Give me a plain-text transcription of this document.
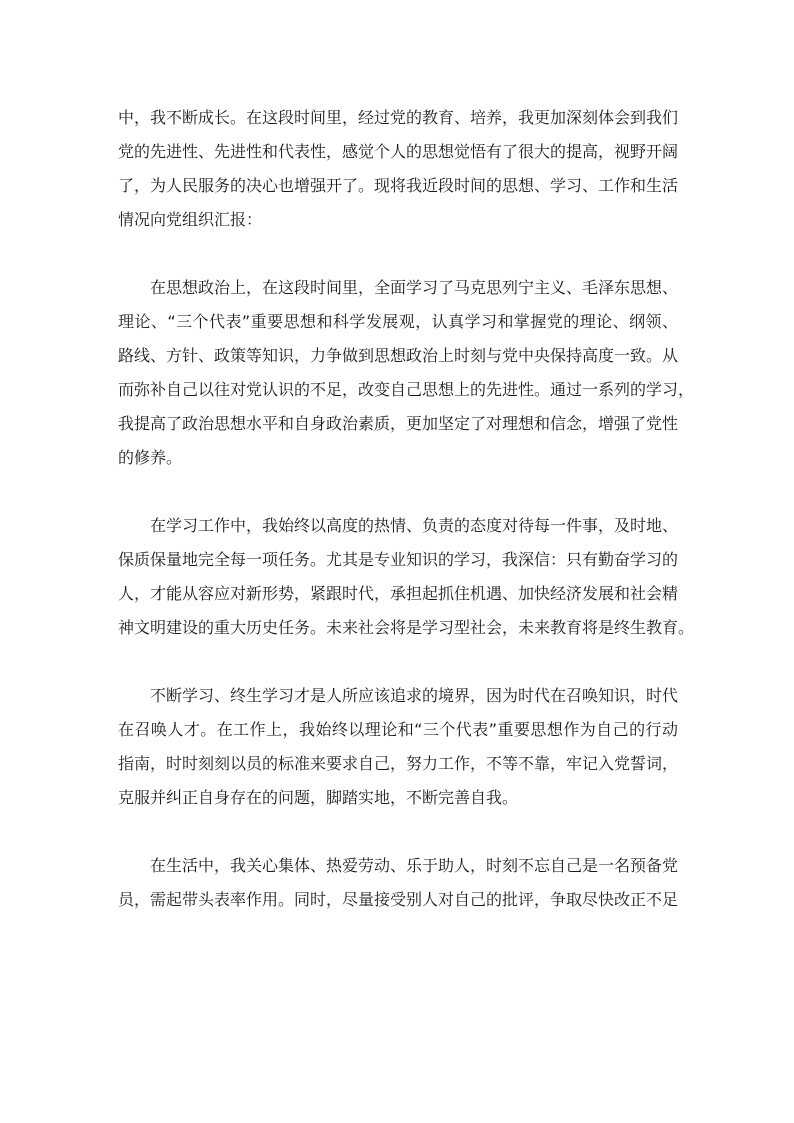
中，我不断成长。在这段时间里，经过党的教育、培养，我更加深刻体会到我们
党的先进性、先进性和代表性，感觉个人的思想觉悟有了很大的提高，视野开阔
了，为人民服务的决心也增强开了。现将我近段时间的思想、学习、工作和生活
情况向党组织汇报：

　　在思想政治上，在这段时间里，全面学习了马克思列宁主义、毛泽东思想、
理论、“三个代表”重要思想和科学发展观，认真学习和掌握党的理论、纲领、
路线、方针、政策等知识，力争做到思想政治上时刻与党中央保持高度一致。从
而弥补自己以往对党认识的不足，改变自己思想上的先进性。通过一系列的学习，
我提高了政治思想水平和自身政治素质，更加坚定了对理想和信念，增强了党性
的修养。

　　在学习工作中，我始终以高度的热情、负责的态度对待每一件事，及时地、
保质保量地完全每一项任务。尤其是专业知识的学习，我深信：只有勤奋学习的
人，才能从容应对新形势，紧跟时代，承担起抓住机遇、加快经济发展和社会精
神文明建设的重大历史任务。未来社会将是学习型社会，未来教育将是终生教育。

　　不断学习、终生学习才是人所应该追求的境界，因为时代在召唤知识，时代
在召唤人才。在工作上，我始终以理论和“三个代表”重要思想作为自己的行动
指南，时时刻刻以员的标准来要求自己，努力工作，不等不靠，牢记入党誓词，
克服并纠正自身存在的问题，脚踏实地，不断完善自我。

　　在生活中，我关心集体、热爱劳动、乐于助人，时刻不忘自己是一名预备党
员，需起带头表率作用。同时，尽量接受别人对自己的批评，争取尽快改正不足
